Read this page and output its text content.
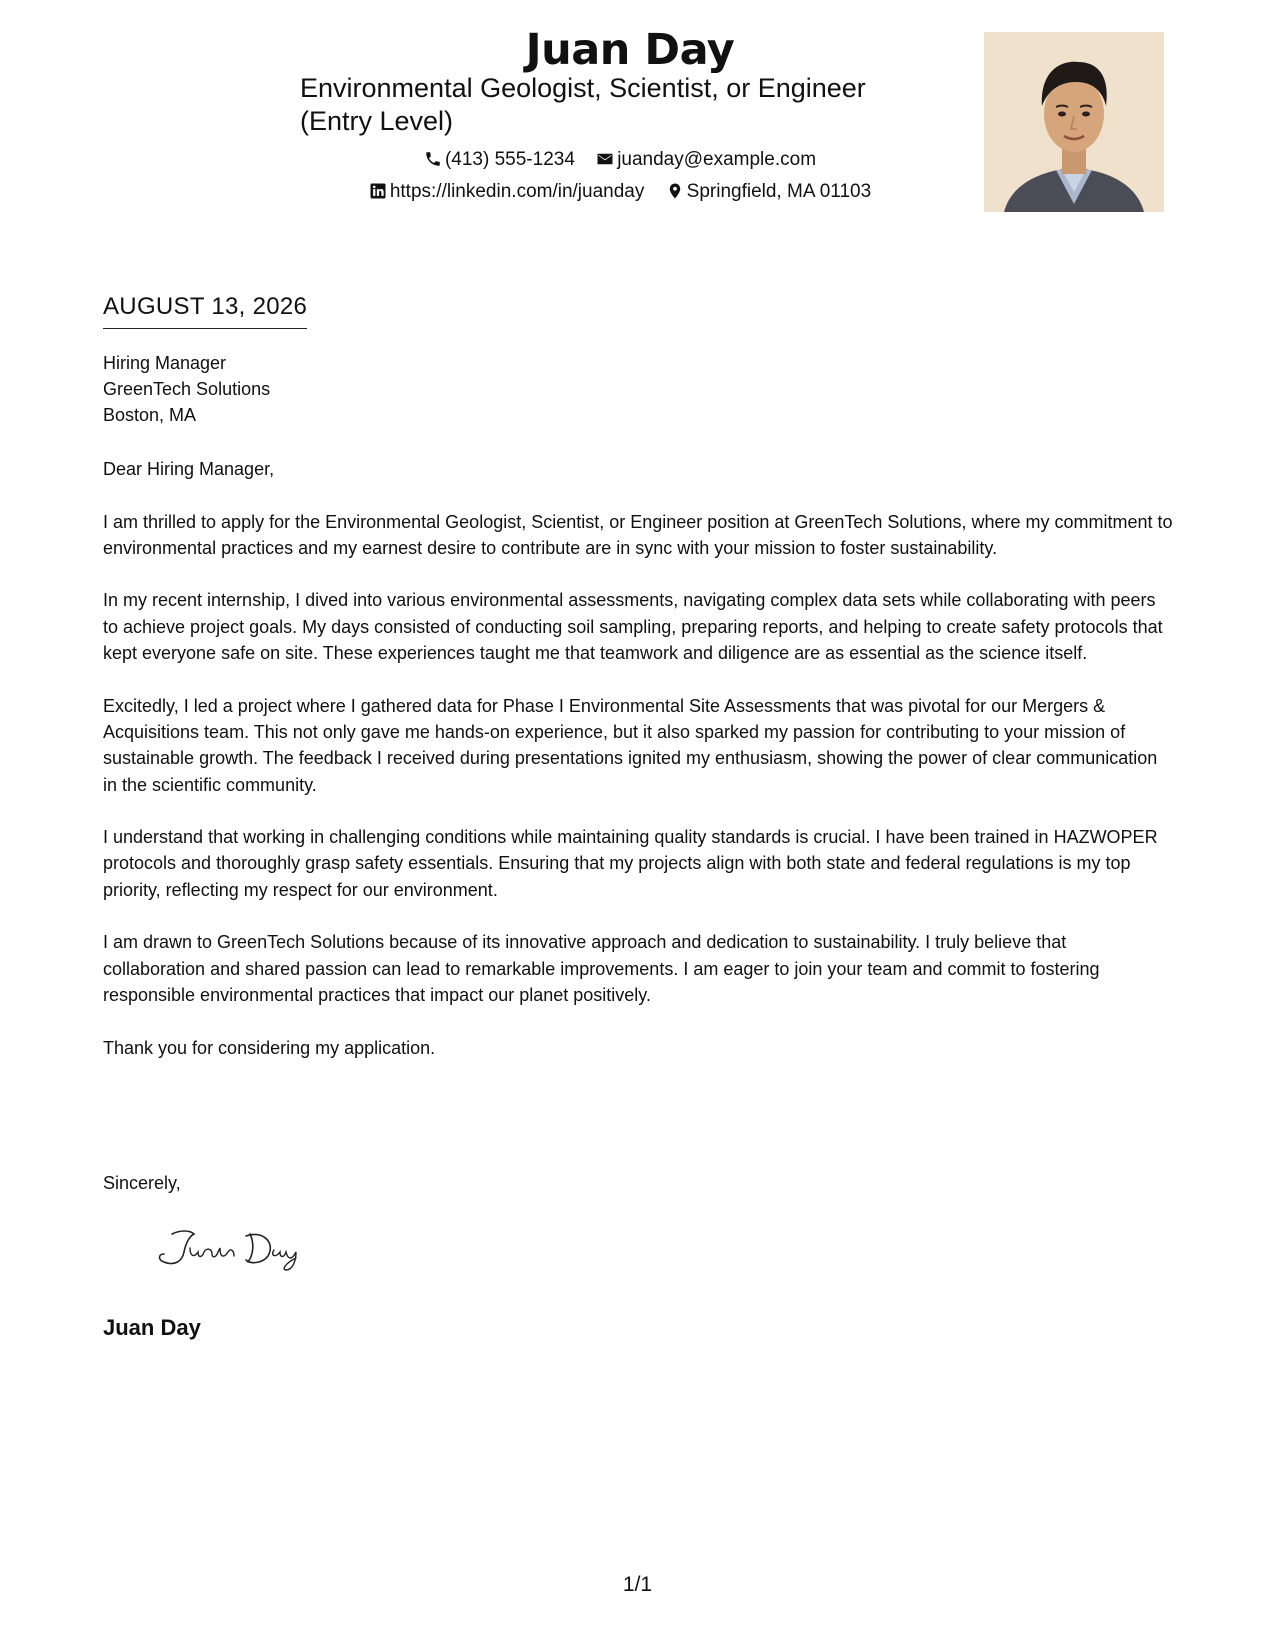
Juan Day
Environmental Geologist, Scientist, or Engineer (Entry Level)
(413) 555-1234 juanday@example.com
https://linkedin.com/in/juanday Springfield, MA 01103
AUGUST 13, 2026
Hiring Manager
GreenTech Solutions
Boston, MA

Dear Hiring Manager,

I am thrilled to apply for the Environmental Geologist, Scientist, or Engineer position at GreenTech Solutions, where my commitment to environmental practices and my earnest desire to contribute are in sync with your mission to foster sustainability.

In my recent internship, I dived into various environmental assessments, navigating complex data sets while collaborating with peers to achieve project goals. My days consisted of conducting soil sampling, preparing reports, and helping to create safety protocols that kept everyone safe on site. These experiences taught me that teamwork and diligence are as essential as the science itself.

Excitedly, I led a project where I gathered data for Phase I Environmental Site Assessments that was pivotal for our Mergers & Acquisitions team. This not only gave me hands-on experience, but it also sparked my passion for contributing to your mission of sustainable growth. The feedback I received during presentations ignited my enthusiasm, showing the power of clear communication in the scientific community.

I understand that working in challenging conditions while maintaining quality standards is crucial. I have been trained in HAZWOPER protocols and thoroughly grasp safety essentials. Ensuring that my projects align with both state and federal regulations is my top priority, reflecting my respect for our environment.

I am drawn to GreenTech Solutions because of its innovative approach and dedication to sustainability. I truly believe that collaboration and shared passion can lead to remarkable improvements. I am eager to join your team and commit to fostering responsible environmental practices that impact our planet positively.

Thank you for considering my application.

Sincerely,
Juan Day
1/1
